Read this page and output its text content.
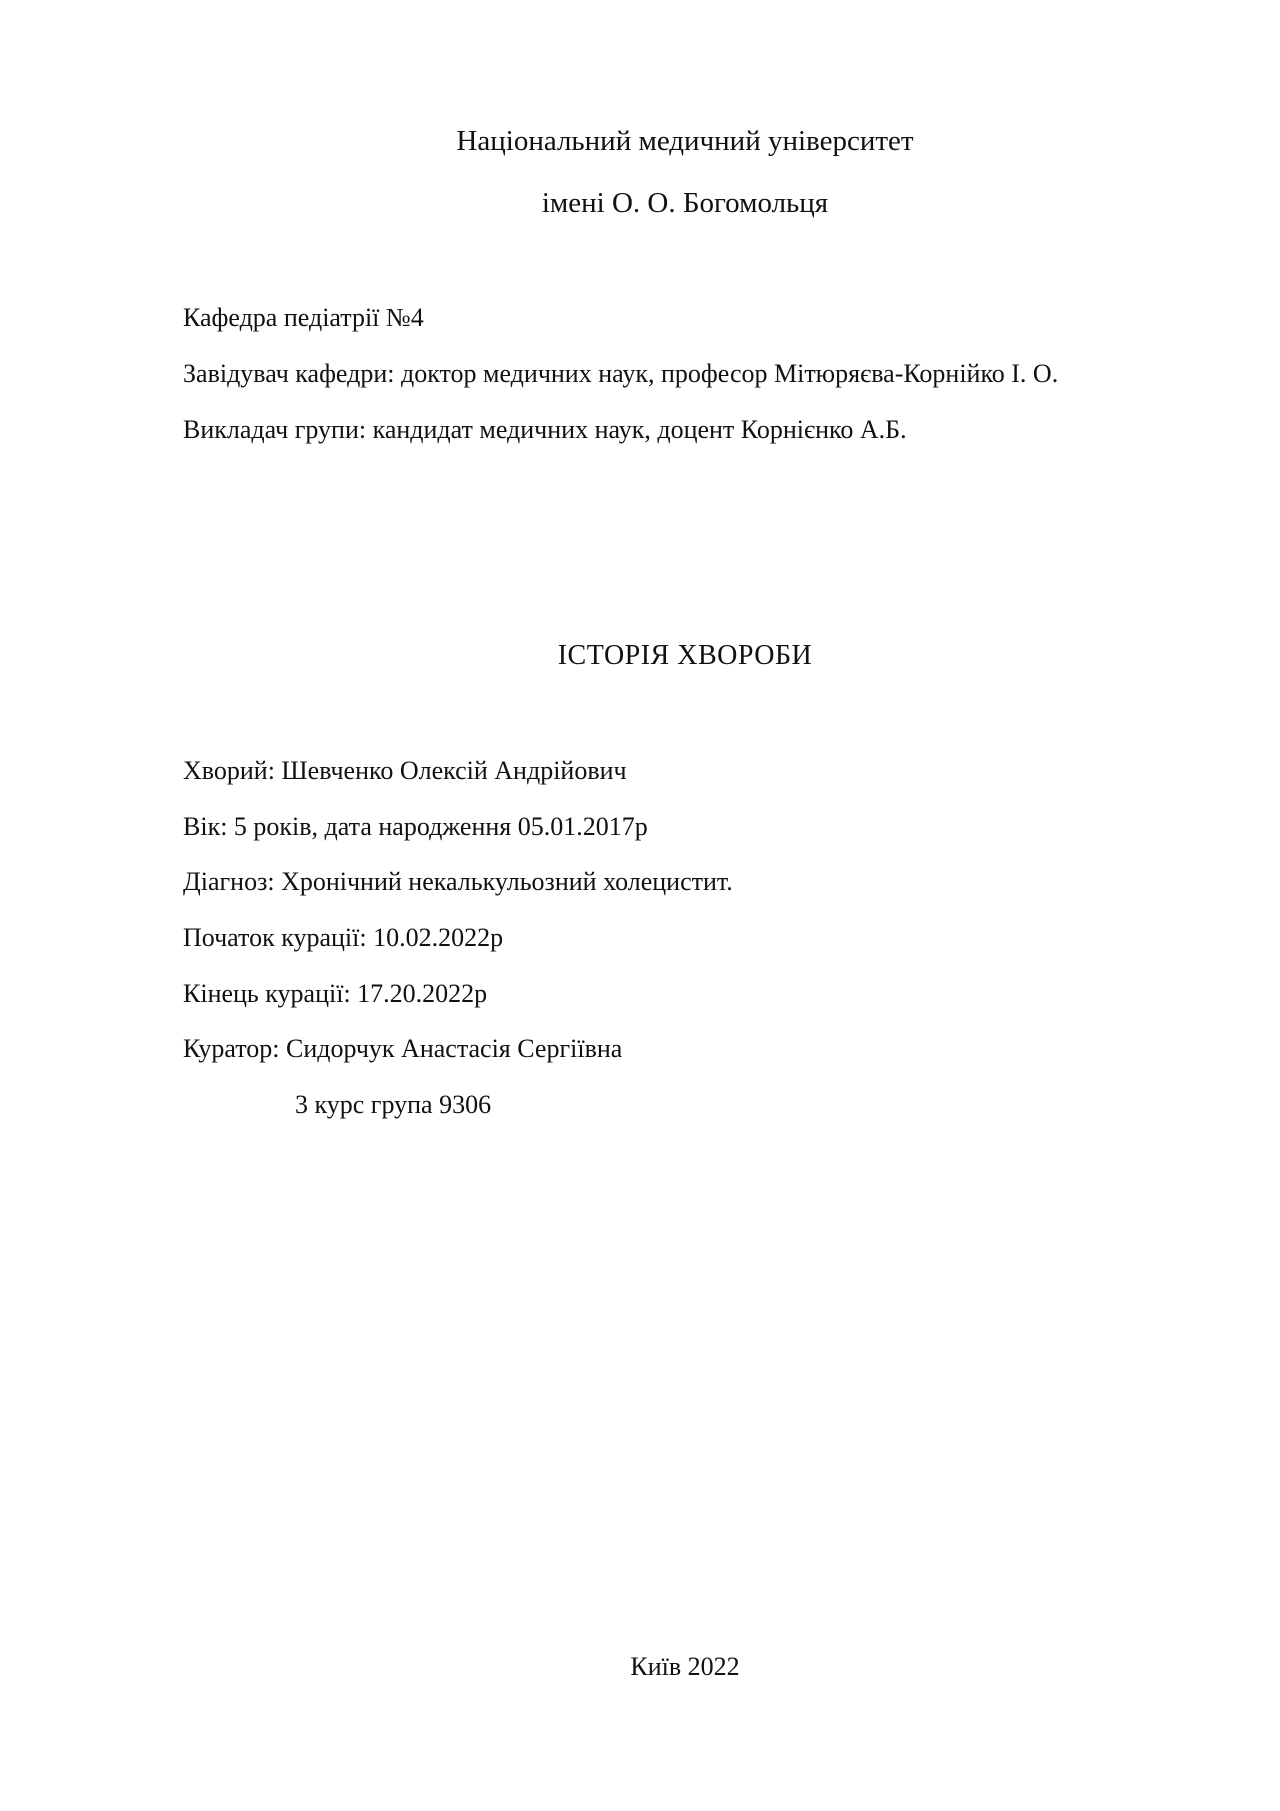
Національний медичний університет
імені О. О. Богомольця
Кафедра педіатрії №4
Завідувач кафедри: доктор медичних наук, професор Мітюряєва-Корнійко І. О.
Викладач групи: кандидат медичних наук, доцент Корнієнко А.Б.
ІСТОРІЯ ХВОРОБИ
Хворий: Шевченко Олексій Андрійович
Вік: 5 років, дата народження 05.01.2017р
Діагноз: Хронічний некалькульозний холецистит.
Початок курації: 10.02.2022р
Кінець курації: 17.20.2022р
Куратор: Сидорчук Анастасія Сергіївна
3 курс група 9306
Київ 2022
